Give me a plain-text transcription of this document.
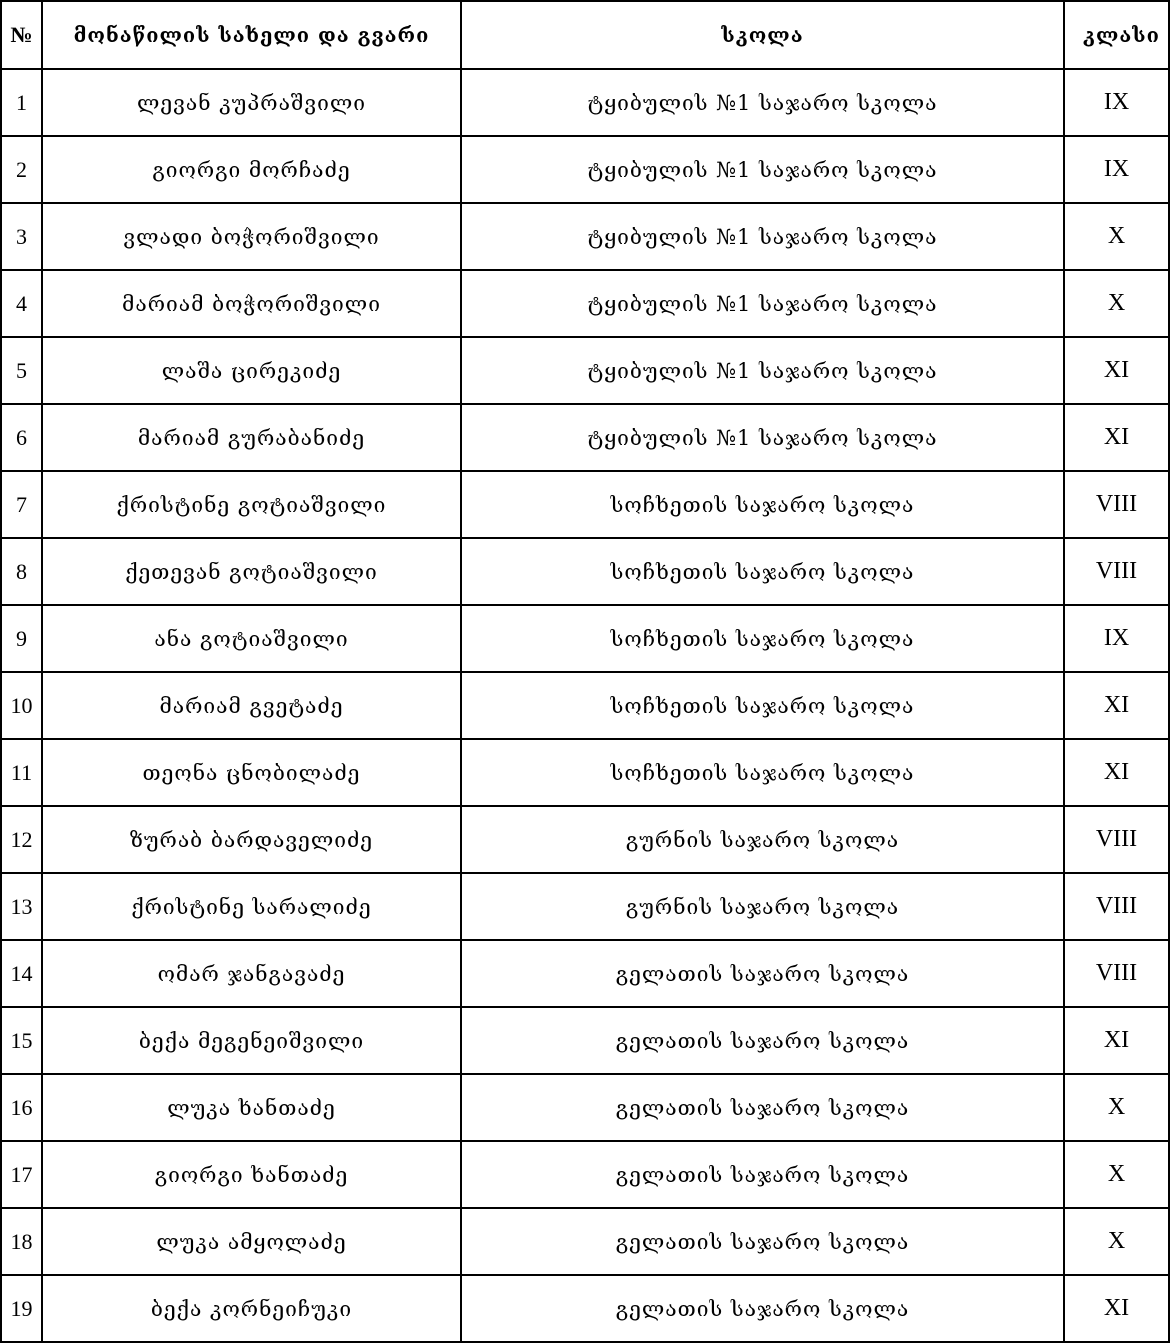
№	მონაწილის სახელი და გვარი	სკოლა	კლასი
1	ლევან კუპრაშვილი	ტყიბულის №1 საჯარო სკოლა	IX
2	გიორგი მორჩაძე	ტყიბულის №1 საჯარო სკოლა	IX
3	ვლადი ბოჭორიშვილი	ტყიბულის №1 საჯარო სკოლა	X
4	მარიამ ბოჭორიშვილი	ტყიბულის №1 საჯარო სკოლა	X
5	ლაშა ცირეკიძე	ტყიბულის №1 საჯარო სკოლა	XI
6	მარიამ გურაბანიძე	ტყიბულის №1 საჯარო სკოლა	XI
7	ქრისტინე გოტიაშვილი	სოჩხეთის საჯარო სკოლა	VIII
8	ქეთევან გოტიაშვილი	სოჩხეთის საჯარო სკოლა	VIII
9	ანა გოტიაშვილი	სოჩხეთის საჯარო სკოლა	IX
10	მარიამ გვეტაძე	სოჩხეთის საჯარო სკოლა	XI
11	თეონა ცნობილაძე	სოჩხეთის საჯარო სკოლა	XI
12	ზურაბ ბარდაველიძე	გურნის საჯარო სკოლა	VIII
13	ქრისტინე სარალიძე	გურნის საჯარო სკოლა	VIII
14	ომარ ჯანგავაძე	გელათის საჯარო სკოლა	VIII
15	ბექა მეგენეიშვილი	გელათის საჯარო სკოლა	XI
16	ლუკა ხანთაძე	გელათის საჯარო სკოლა	X
17	გიორგი ხანთაძე	გელათის საჯარო სკოლა	X
18	ლუკა ამყოლაძე	გელათის საჯარო სკოლა	X
19	ბექა კორნეიჩუკი	გელათის საჯარო სკოლა	XI
